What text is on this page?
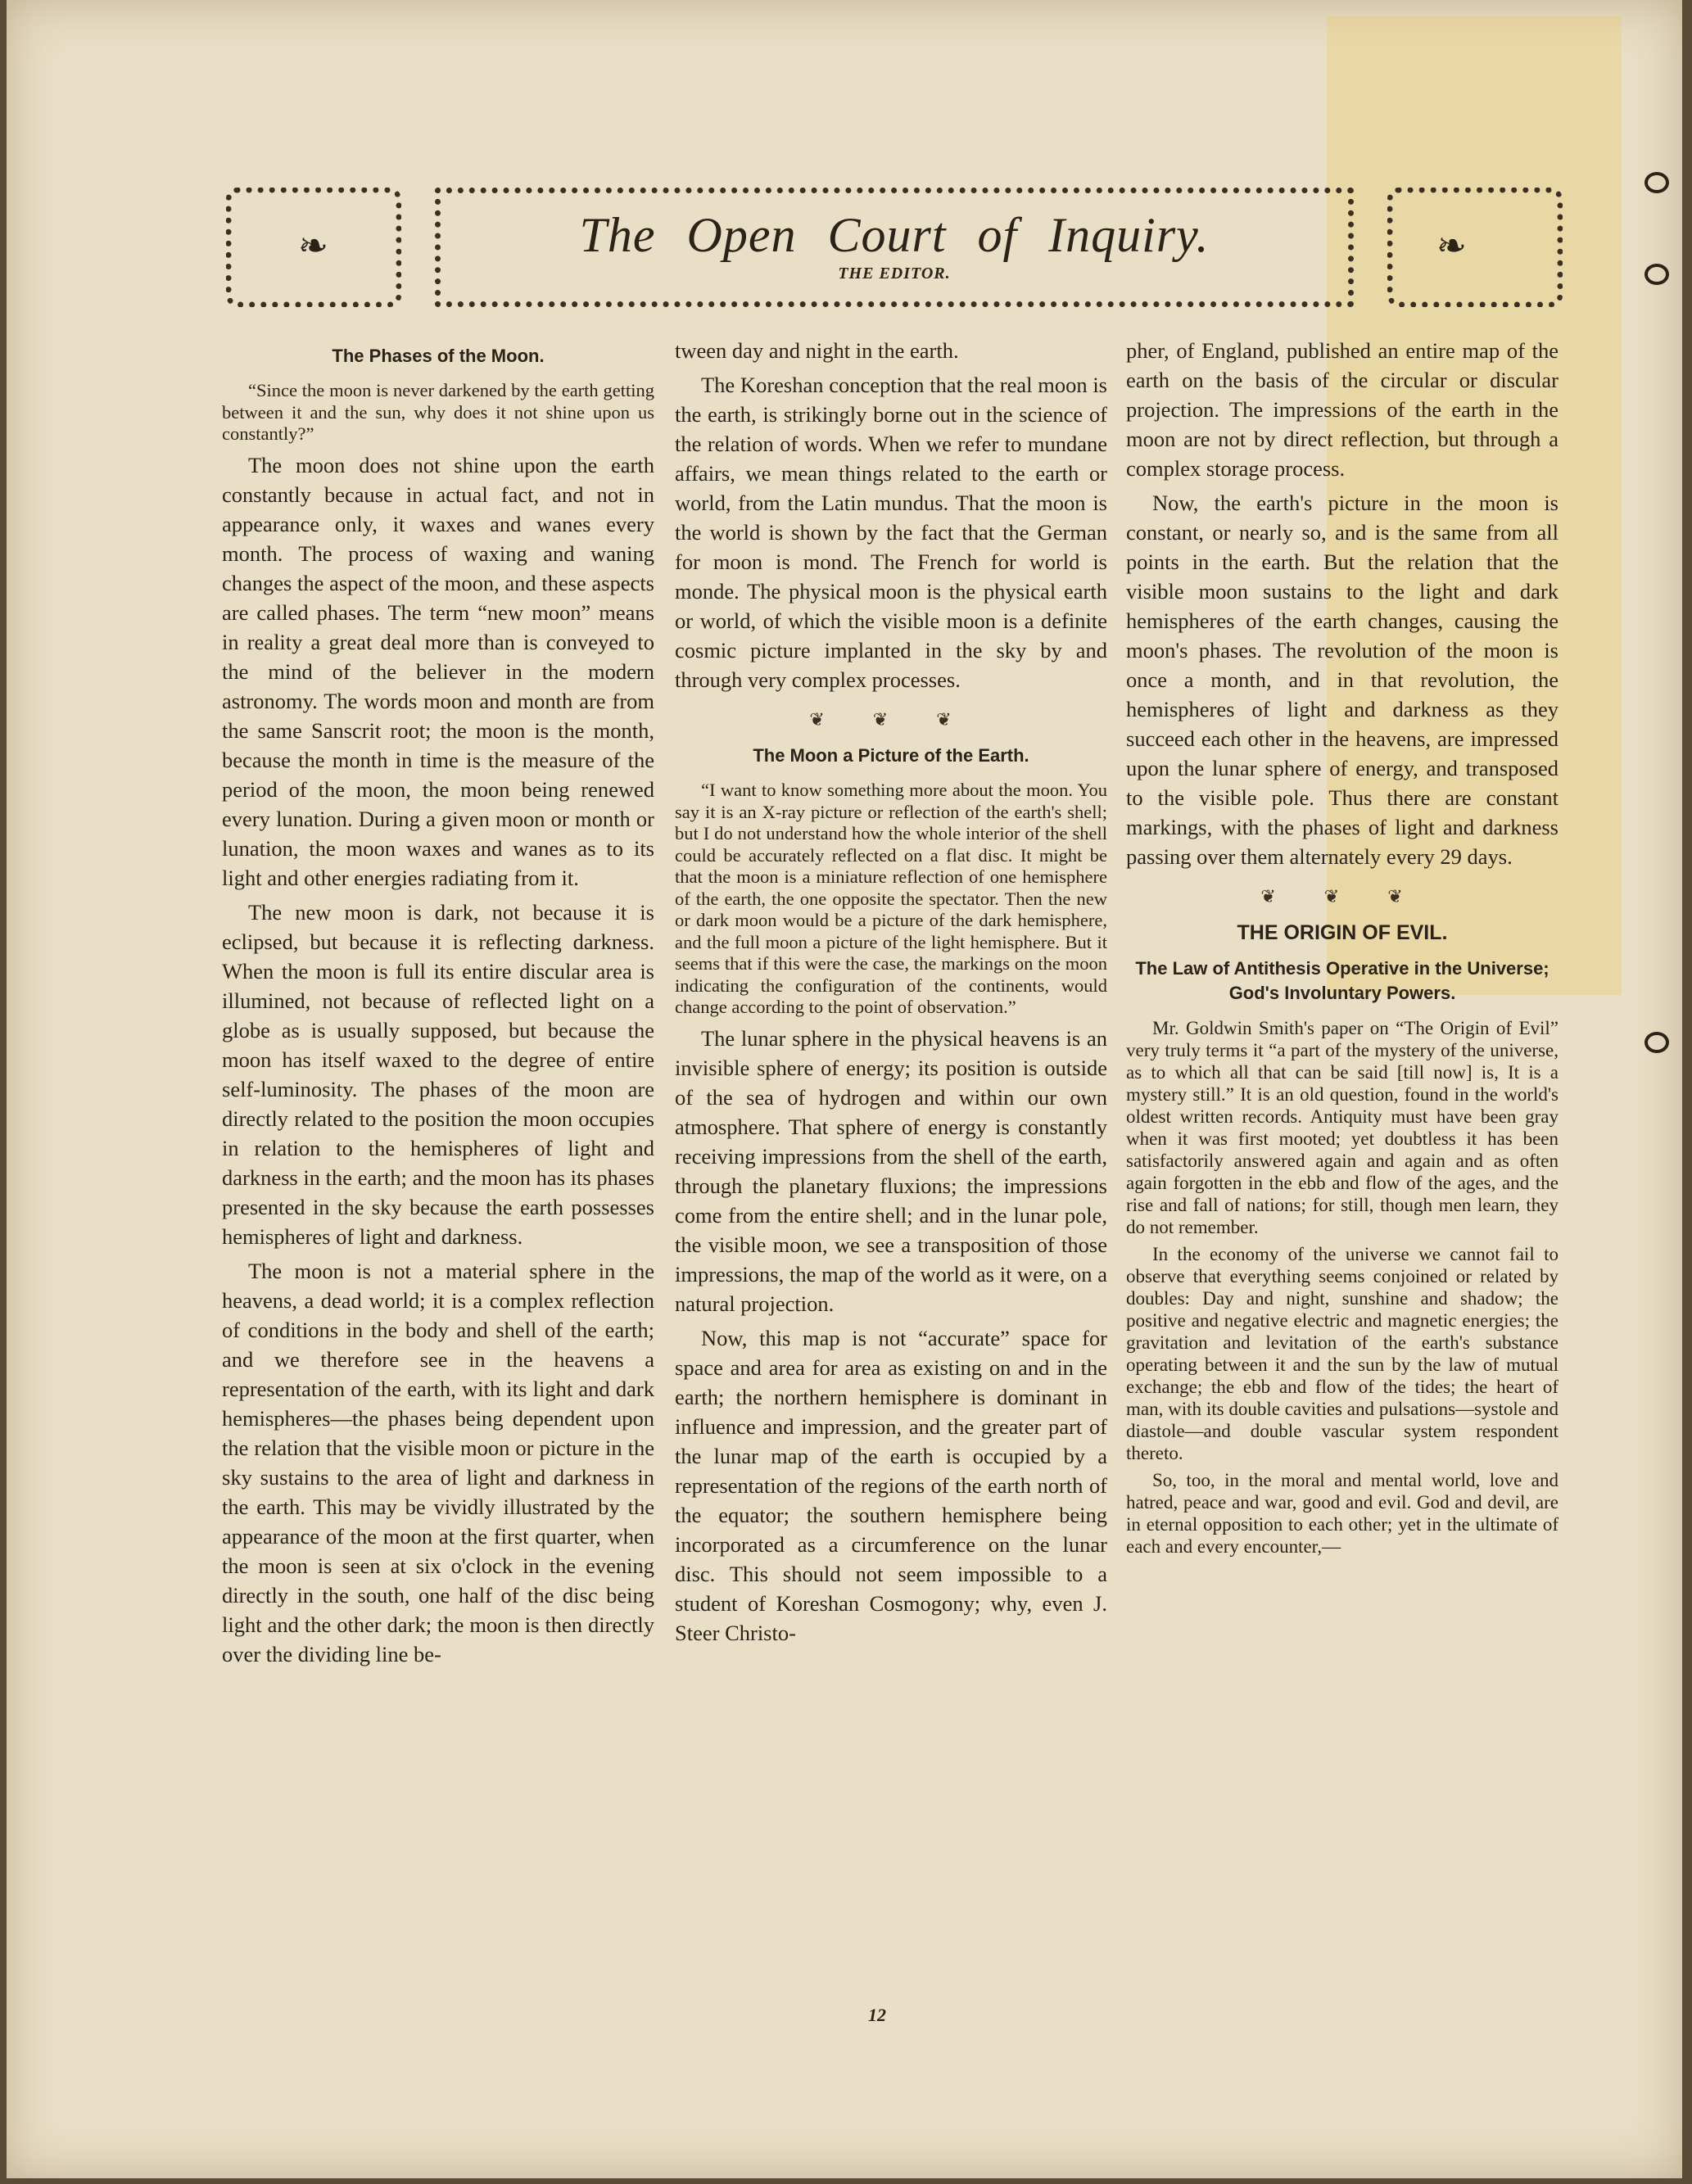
❧	❧
The Open Court of Inquiry.
THE EDITOR.
The Phases of the Moon.

“Since the moon is never darkened by the earth getting between it and the sun, why does it not shine upon us constantly?”

The moon does not shine upon the earth constantly because in actual fact, and not in appearance only, it waxes and wanes every month. The process of waxing and waning changes the aspect of the moon, and these aspects are called phases. The term “new moon” means in reality a great deal more than is conveyed to the mind of the believer in the modern astronomy. The words moon and month are from the same Sanscrit root; the moon is the month, because the month in time is the measure of the period of the moon, the moon being renewed every lunation. During a given moon or month or lunation, the moon waxes and wanes as to its light and other energies radiating from it.

The new moon is dark, not because it is eclipsed, but because it is reflecting darkness. When the moon is full its entire discular area is illumined, not because of reflected light on a globe as is usually supposed, but because the moon has itself waxed to the degree of entire self-luminosity. The phases of the moon are directly related to the position the moon occupies in relation to the hemispheres of light and darkness in the earth; and the moon has its phases presented in the sky because the earth possesses hemispheres of light and darkness.

The moon is not a material sphere in the heavens, a dead world; it is a complex reflection of conditions in the body and shell of the earth; and we therefore see in the heavens a representation of the earth, with its light and dark hemispheres—the phases being dependent upon the relation that the visible moon or picture in the sky sustains to the area of light and darkness in the earth. This may be vividly illustrated by the appearance of the moon at the first quarter, when the moon is seen at six o'clock in the evening directly in the south, one half of the disc being light and the other dark; the moon is then directly over the dividing line be-

tween day and night in the earth.

The Koreshan conception that the real moon is the earth, is strikingly borne out in the science of the relation of words. When we refer to mundane affairs, we mean things related to the earth or world, from the Latin mundus. That the moon is the world is shown by the fact that the German for moon is mond. The French for world is monde. The physical moon is the physical earth or world, of which the visible moon is a definite cosmic picture implanted in the sky by and through very complex processes.

❦ ❦ ❦
The Moon a Picture of the Earth.

“I want to know something more about the moon. You say it is an X-ray picture or reflection of the earth's shell; but I do not understand how the whole interior of the shell could be accurately reflected on a flat disc. It might be that the moon is a miniature reflection of one hemisphere of the earth, the one opposite the spectator. Then the new or dark moon would be a picture of the dark hemisphere, and the full moon a picture of the light hemisphere. But it seems that if this were the case, the markings on the moon indicating the configuration of the continents, would change according to the point of observation.”

The lunar sphere in the physical heavens is an invisible sphere of energy; its position is outside of the sea of hydrogen and within our own atmosphere. That sphere of energy is constantly receiving impressions from the shell of the earth, through the planetary fluxions; the impressions come from the entire shell; and in the lunar pole, the visible moon, we see a transposition of those impressions, the map of the world as it were, on a natural projection.

Now, this map is not “accurate” space for space and area for area as existing on and in the earth; the northern hemisphere is dominant in influence and impression, and the greater part of the lunar map of the earth is occupied by a representation of the regions of the earth north of the equator; the southern hemisphere being incorporated as a circumference on the lunar disc. This should not seem impossible to a student of Koreshan Cosmogony; why, even J. Steer Christo-

pher, of England, published an entire map of the earth on the basis of the circular or discular projection. The impressions of the earth in the moon are not by direct reflection, but through a complex storage process.

Now, the earth's picture in the moon is constant, or nearly so, and is the same from all points in the earth. But the relation that the visible moon sustains to the light and dark hemispheres of the earth changes, causing the moon's phases. The revolution of the moon is once a month, and in that revolution, the hemispheres of light and darkness as they succeed each other in the heavens, are impressed upon the lunar sphere of energy, and transposed to the visible pole. Thus there are constant markings, with the phases of light and darkness passing over them alternately every 29 days.

❦ ❦ ❦
THE ORIGIN OF EVIL.
The Law of Antithesis Operative in the Universe; God's Involuntary Powers.

Mr. Goldwin Smith's paper on “The Origin of Evil” very truly terms it “a part of the mystery of the universe, as to which all that can be said [till now] is, It is a mystery still.” It is an old question, found in the world's oldest written records. Antiquity must have been gray when it was first mooted; yet doubtless it has been satisfactorily answered again and again and as often again forgotten in the ebb and flow of the ages, and the rise and fall of nations; for still, though men learn, they do not remember.

In the economy of the universe we cannot fail to observe that everything seems conjoined or related by doubles: Day and night, sunshine and shadow; the positive and negative electric and magnetic energies; the gravitation and levitation of the earth's substance operating between it and the sun by the law of mutual exchange; the ebb and flow of the tides; the heart of man, with its double cavities and pulsations—systole and diastole—and double vascular system respondent thereto.

So, too, in the moral and mental world, love and hatred, peace and war, good and evil. God and devil, are in eternal opposition to each other; yet in the ultimate of each and every encounter,—

12
